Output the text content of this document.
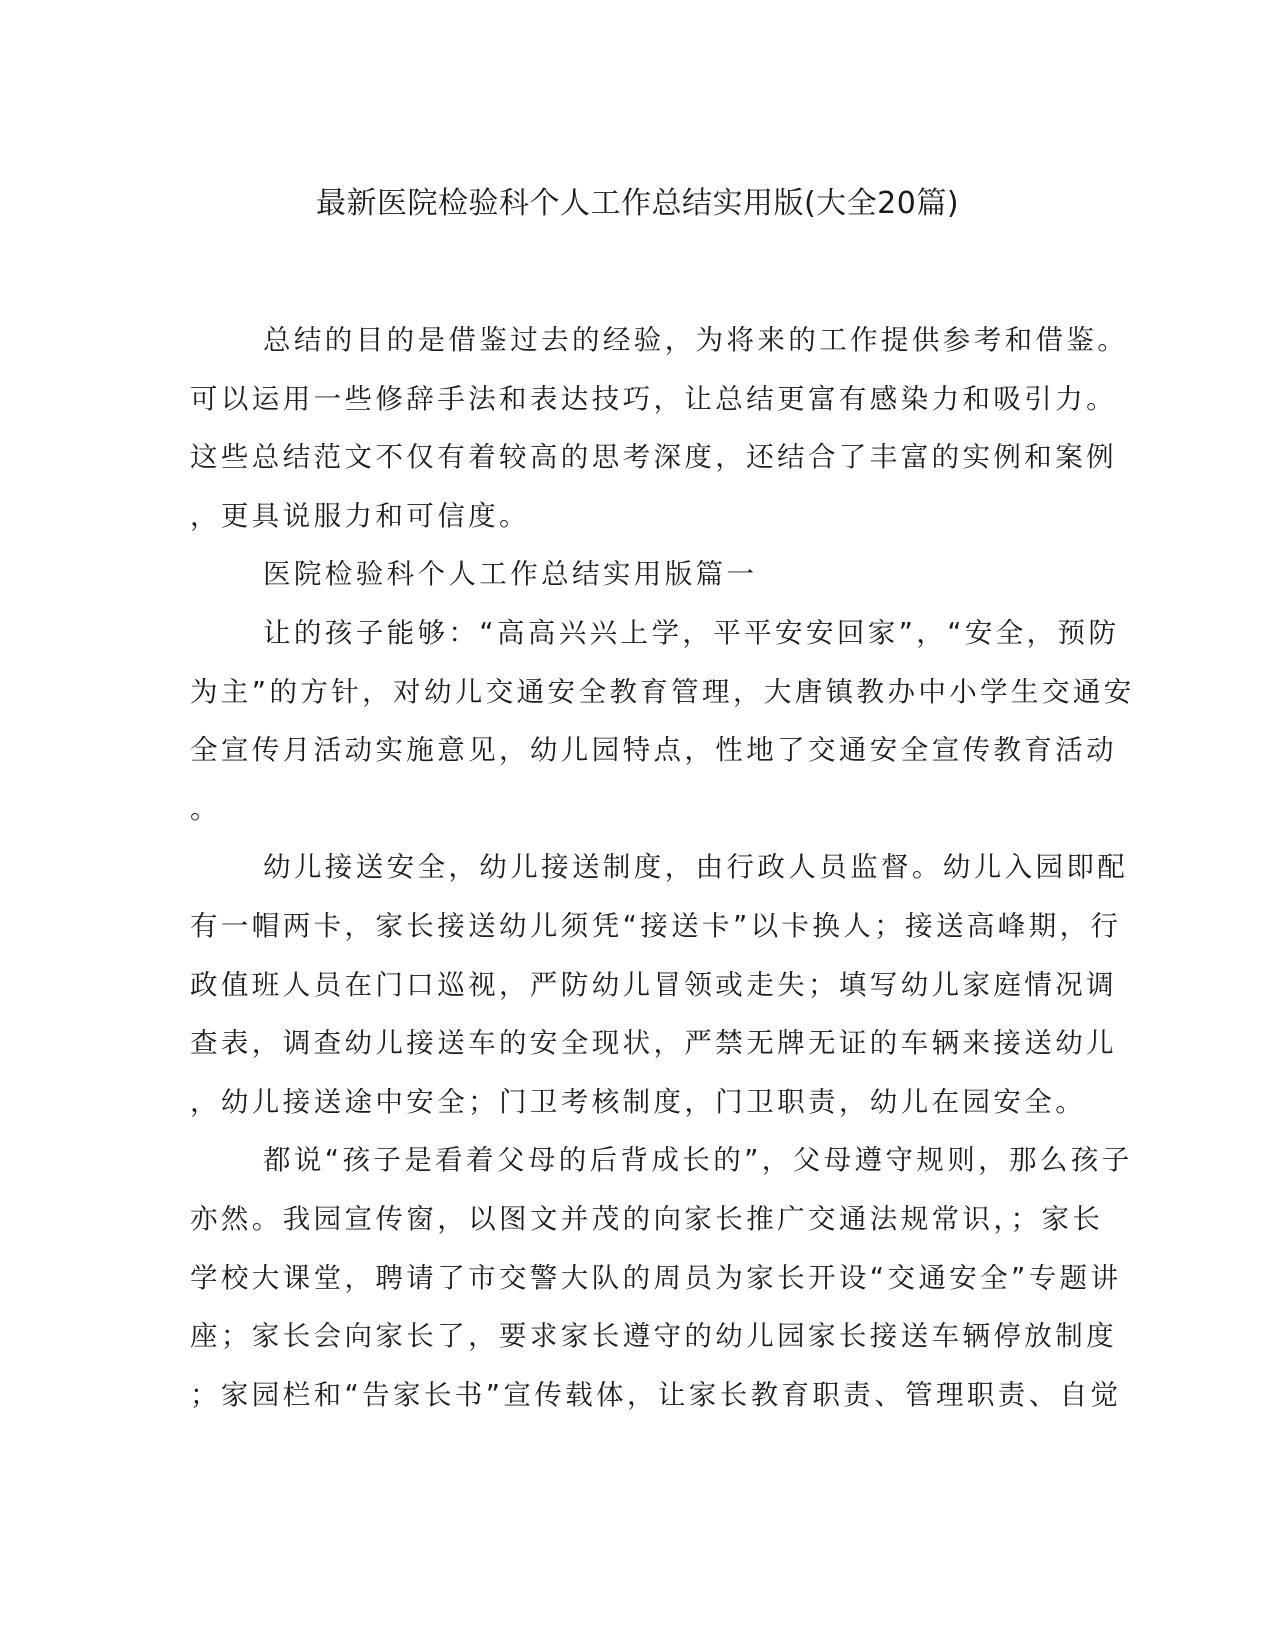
最新医院检验科个人工作总结实用版(大全20篇)

总结的目的是借鉴过去的经验，为将来的工作提供参考和借鉴。

可以运用一些修辞手法和表达技巧，让总结更富有感染力和吸引力。

这些总结范文不仅有着较高的思考深度，还结合了丰富的实例和案例

，更具说服力和可信度。

医院检验科个人工作总结实用版篇一

让的孩子能够：“高高兴兴上学，平平安安回家”，“安全，预防

为主”的方针，对幼儿交通安全教育管理，大唐镇教办中小学生交通安

全宣传月活动实施意见，幼儿园特点，性地了交通安全宣传教育活动

。

幼儿接送安全，幼儿接送制度，由行政人员监督。幼儿入园即配

有一帽两卡，家长接送幼儿须凭“接送卡”以卡换人；接送高峰期，行

政值班人员在门口巡视，严防幼儿冒领或走失；填写幼儿家庭情况调

查表，调查幼儿接送车的安全现状，严禁无牌无证的车辆来接送幼儿

，幼儿接送途中安全；门卫考核制度，门卫职责，幼儿在园安全。

都说“孩子是看着父母的后背成长的”，父母遵守规则，那么孩子

亦然。我园宣传窗，以图文并茂的向家长推广交通法规常识，；家长

学校大课堂，聘请了市交警大队的周员为家长开设“交通安全”专题讲

座；家长会向家长了，要求家长遵守的幼儿园家长接送车辆停放制度

；家园栏和“告家长书”宣传载体，让家长教育职责、管理职责、自觉
